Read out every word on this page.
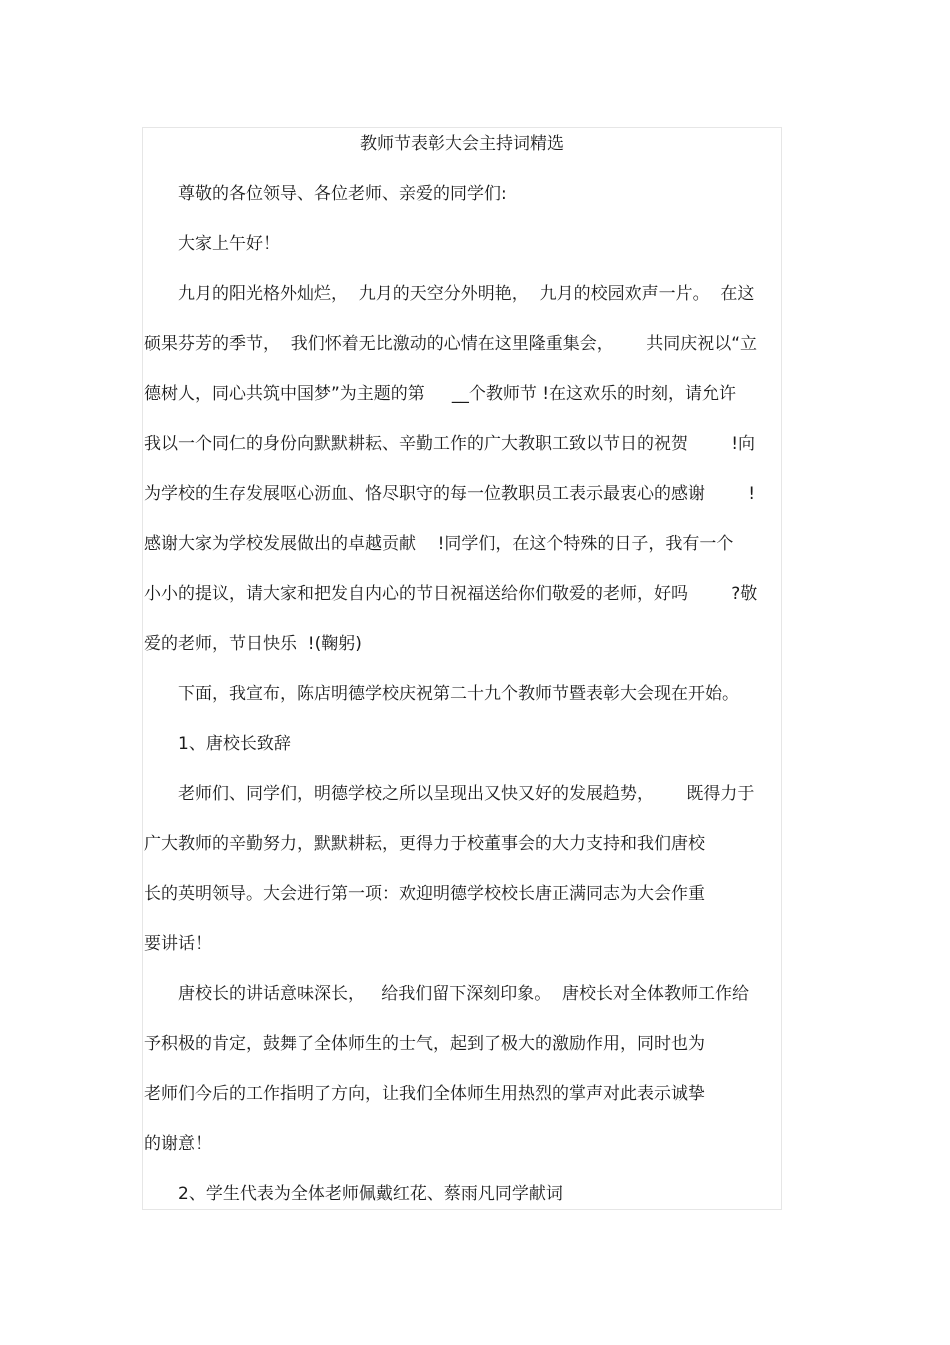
教师节表彰大会主持词精选
尊敬的各位领导、各位老师、亲爱的同学们:
大家上午好！
九月的阳光格外灿烂，  九月的天空分外明艳，  九月的校园欢声一片。  在这
硕果芬芳的季节，  我们怀着无比激动的心情在这里隆重集会，      共同庆祝以“立
德树人，同心共筑中国梦”为主题的第     __个教师节 !在这欢乐的时刻，请允许
我以一个同仁的身份向默默耕耘、辛勤工作的广大教职工致以节日的祝贺        !向
为学校的生存发展呕心沥血、恪尽职守的每一位教职员工表示最衷心的感谢        !
感谢大家为学校发展做出的卓越贡献    !同学们，在这个特殊的日子，我有一个
小小的提议，请大家和把发自内心的节日祝福送给你们敬爱的老师，好吗        ?敬
爱的老师，节日快乐  !(鞠躬)
下面，我宣布，陈店明德学校庆祝第二十九个教师节暨表彰大会现在开始。
1、唐校长致辞
老师们、同学们，明德学校之所以呈现出又快又好的发展趋势，      既得力于
广大教师的辛勤努力，默默耕耘，更得力于校董事会的大力支持和我们唐校
长的英明领导。大会进行第一项：欢迎明德学校校长唐正满同志为大会作重
要讲话！
唐校长的讲话意味深长，   给我们留下深刻印象。  唐校长对全体教师工作给
予积极的肯定，鼓舞了全体师生的士气，起到了极大的激励作用，同时也为
老师们今后的工作指明了方向，让我们全体师生用热烈的掌声对此表示诚挚
的谢意！
2、学生代表为全体老师佩戴红花、蔡雨凡同学献词
